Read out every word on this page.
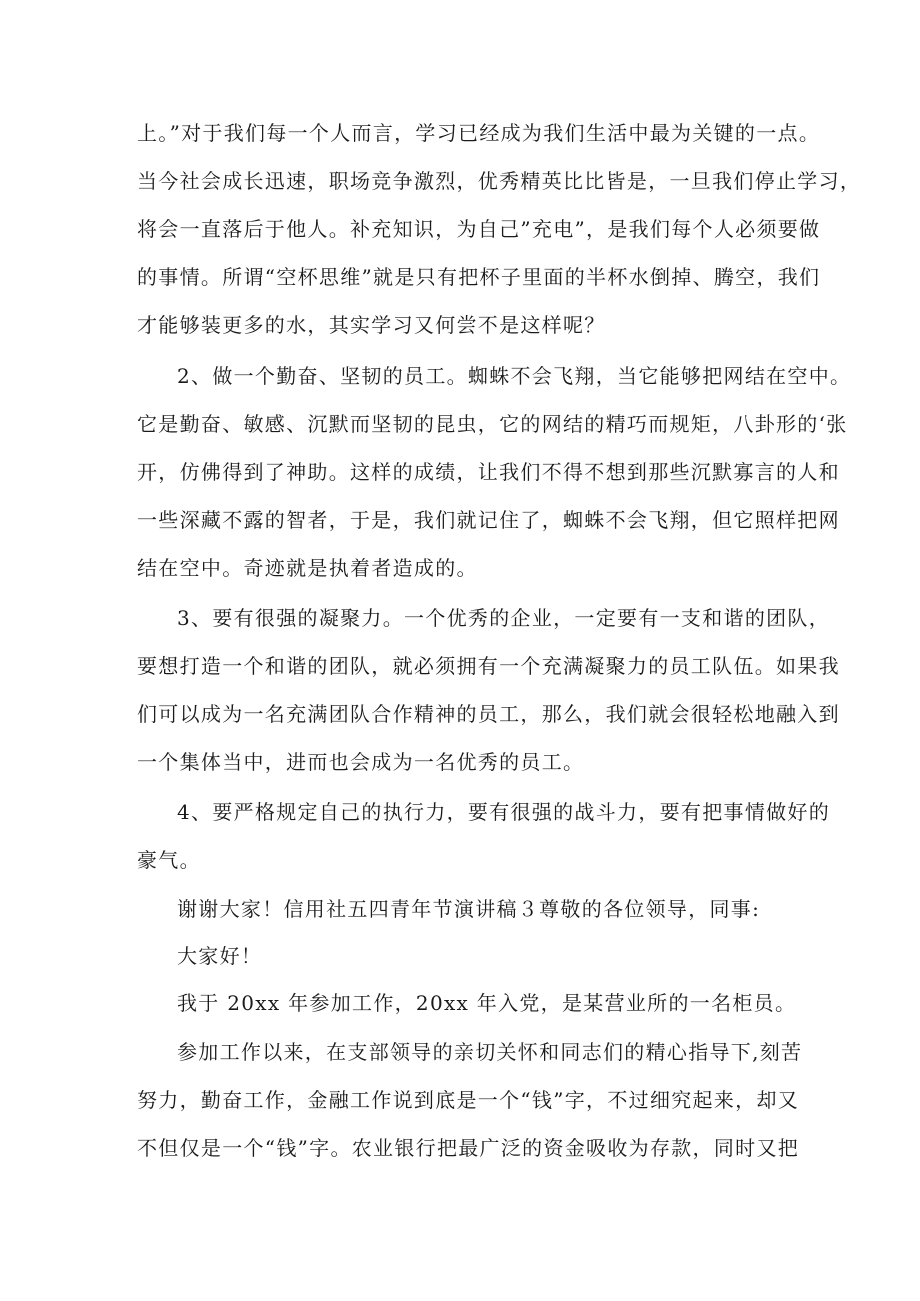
上。”对于我们每一个人而言，学习已经成为我们生活中最为关键的一点。
当今社会成长迅速，职场竞争激烈，优秀精英比比皆是，一旦我们停止学习，
将会一直落后于他人。补充知识，为自己”充电”，是我们每个人必须要做
的事情。所谓“空杯思维”就是只有把杯子里面的半杯水倒掉、腾空，我们
才能够装更多的水，其实学习又何尝不是这样呢？
2、做一个勤奋、坚韧的员工。蜘蛛不会飞翔，当它能够把网结在空中。
它是勤奋、敏感、沉默而坚韧的昆虫，它的网结的精巧而规矩，八卦形的‘张
开，仿佛得到了神助。这样的成绩，让我们不得不想到那些沉默寡言的人和
一些深藏不露的智者，于是，我们就记住了，蜘蛛不会飞翔，但它照样把网
结在空中。奇迹就是执着者造成的。
3、要有很强的凝聚力。一个优秀的企业，一定要有一支和谐的团队，
要想打造一个和谐的团队，就必须拥有一个充满凝聚力的员工队伍。如果我
们可以成为一名充满团队合作精神的员工，那么，我们就会很轻松地融入到
一个集体当中，进而也会成为一名优秀的员工。
4、要严格规定自己的执行力，要有很强的战斗力，要有把事情做好的
豪气。
谢谢大家！信用社五四青年节演讲稿３尊敬的各位领导，同事:
大家好！
我于 20xx 年参加工作，20xx 年入党，是某营业所的一名柜员。
参加工作以来，在支部领导的亲切关怀和同志们的精心指导下,刻苦
努力，勤奋工作，金融工作说到底是一个“钱”字，不过细究起来，却又
不但仅是一个“钱”字。农业银行把最广泛的资金吸收为存款，同时又把
